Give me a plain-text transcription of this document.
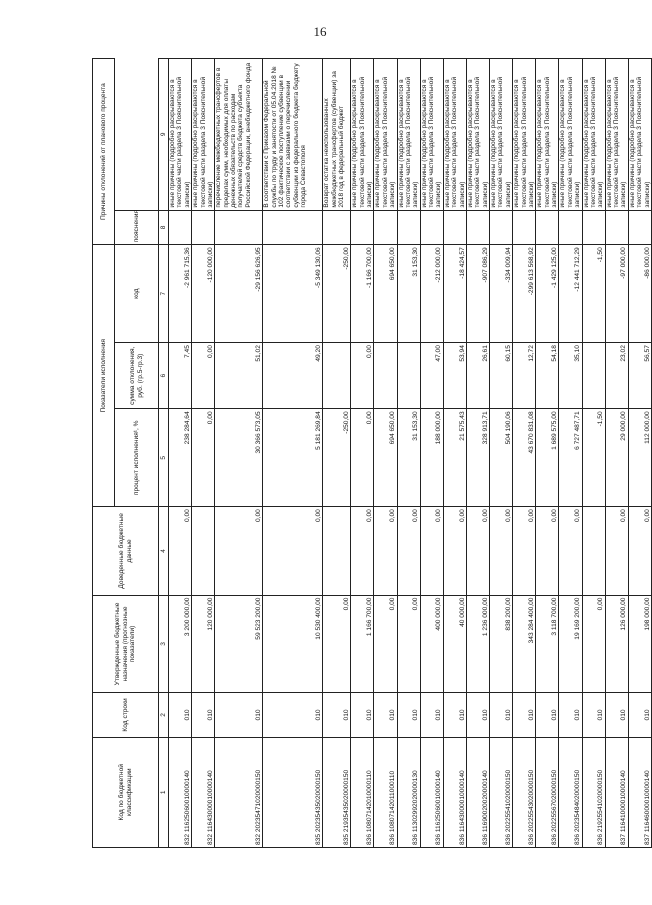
16
Код по бюджетной классификации	Код строки	Утвержденные бюджетные назначения (прогнозные показатели)	Доведенные бюджетные данные	Показатели исполнения			Причины отклонений от планового процента	
				процент исполнения¹, %	сумма отклонения, руб. (гр.5-гр.3)	код	пояснения	
1	2	3	4	5	6	7	8	9
832 11625060010000140	010	3 200 000,00	0,00	238 284,64	7,45	-2 961 715,36		иные причины (подробно раскрываются в текстовой части раздела 3 Пояснительной записки)
832 11643000010000140	010	120 000,00		0,00	0,00	-120 000,00		иные причины (подробно раскрываются в текстовой части раздела 3 Пояснительной записки)
832 20235471020000150	010	59 523 200,00	0,00	30 366 573,05	51,02	-29 156 626,95		перечисление межбюджетных трансфертов в пределах сумм, необходимых для оплаты денежных обязательств по расходам получателей средств бюджета субъекта Российской Федерации, внебюджетного фонда
835 20235435020000150	010	10 530 400,00	0,00	5 181 269,84	49,20	-5 349 130,06		В соответствии с Приказом Федеральной службы по труду и занятости от 05.04.2018 № 102 фактическое поступление субвенции в соответствии с заявками о перечислении субвенции из федерального бюджета бюджету города Севастополя
835 21935435020000150	010	0,00		-250,00		-250,00		Возврат остатка неиспользованных межбюджетных трансфертов (субвенции) за 2018 год в федеральный бюджет
836 10807142010000110	010	1 166 700,00	0,00	0,00	0,00	-1 166 700,00		иные причины (подробно раскрываются в текстовой части раздела 3 Пояснительной записки)
836 10807142011000110	010	0,00	0,00	694 650,00		694 650,00		иные причины (подробно раскрываются в текстовой части раздела 3 Пояснительной записки)
836 11302992020000130	010	0,00	0,00	31 153,30		31 153,30		иные причины (подробно раскрываются в текстовой части раздела 3 Пояснительной записки)
836 11625060010000140	010	400 000,00	0,00	188 000,00	47,00	-212 000,00		иные причины (подробно раскрываются в текстовой части раздела 3 Пояснительной записки)
836 11643000010000140	010	40 000,00	0,00	21 575,43	53,94	-18 424,57		иные причины (подробно раскрываются в текстовой части раздела 3 Пояснительной записки)
836 11690020020000140	010	1 236 000,00	0,00	328 913,71	26,61	-907 086,29		иные причины (подробно раскрываются в текстовой части раздела 3 Пояснительной записки)
836 20225541020000150	010	838 200,00	0,00	504 190,06	60,15	-334 009,94		иные причины (подробно раскрываются в текстовой части раздела 3 Пояснительной записки)
836 20225543020000150	010	343 284 400,00	0,00	43 670 831,08	12,72	-299 613 568,92		иные причины (подробно раскрываются в текстовой части раздела 3 Пояснительной записки)
836 20225567020000150	010	3 118 700,00	0,00	1 689 575,00	54,18	-1 429 125,00		иные причины (подробно раскрываются в текстовой части раздела 3 Пояснительной записки)
836 20235484020000150	010	19 169 200,00	0,00	6 727 487,71	35,10	-12 441 712,29		иные причины (подробно раскрываются в текстовой части раздела 3 Пояснительной записки)
836 21925541020000150	010	0,00		-1,50		-1,50		иные причины (подробно раскрываются в текстовой части раздела 3 Пояснительной записки)
837 11641000010000140	010	126 000,00	0,00	29 000,00	23,02	-97 000,00		иные причины (подробно раскрываются в текстовой части раздела 3 Пояснительной записки)
837 11646000010000140	010	198 000,00	0,00	112 000,00	56,57	-86 000,00		иные причины (подробно раскрываются в текстовой части раздела 3 Пояснительной записки)
